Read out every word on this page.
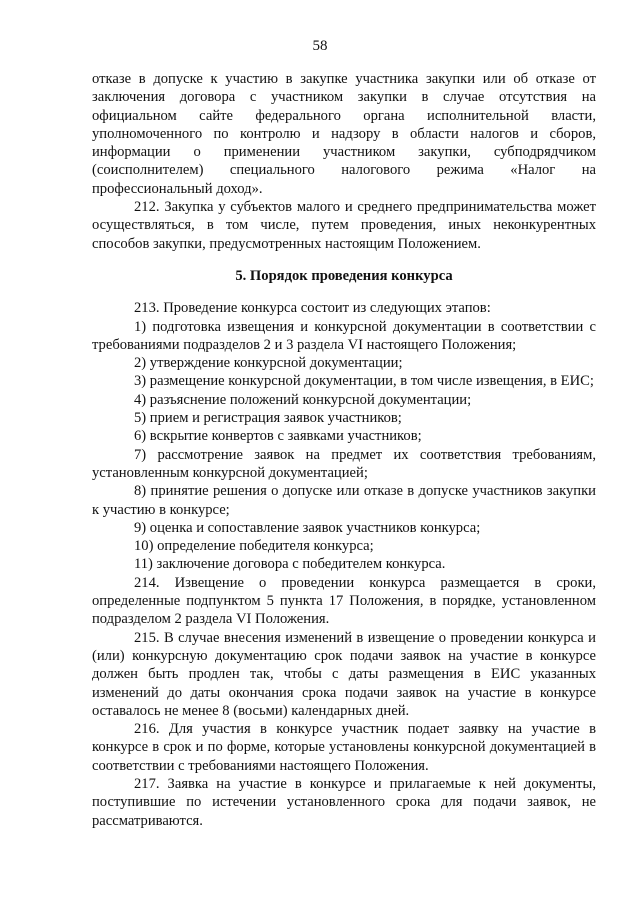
58

отказе в допуске к участию в закупке участника закупки или об отказе от заключения договора с участником закупки в случае отсутствия на официальном сайте федерального органа исполнительной власти, уполномоченного по контролю и надзору в области налогов и сборов, информации о применении участником закупки, субподрядчиком (соисполнителем) специального налогового режима «Налог на профессиональный доход».

212. Закупка у субъектов малого и среднего предпринимательства может осуществляться, в том числе, путем проведения, иных неконкурентных способов закупки, предусмотренных настоящим Положением.

5. Порядок проведения конкурса

213. Проведение конкурса состоит из следующих этапов:

1) подготовка извещения и конкурсной документации в соответствии с требованиями подразделов 2 и 3 раздела VI настоящего Положения;

2) утверждение конкурсной документации;

3) размещение конкурсной документации, в том числе извещения, в ЕИС;

4) разъяснение положений конкурсной документации;

5) прием и регистрация заявок участников;

6) вскрытие конвертов с заявками участников;

7) рассмотрение заявок на предмет их соответствия требованиям, установленным конкурсной документацией;

8) принятие решения о допуске или отказе в допуске участников закупки к участию в конкурсе;

9) оценка и сопоставление заявок участников конкурса;

10) определение победителя конкурса;

11) заключение договора с победителем конкурса.

214. Извещение о проведении конкурса размещается в сроки, определенные подпунктом 5 пункта 17 Положения, в порядке, установленном подразделом 2 раздела VI Положения.

215. В случае внесения изменений в извещение о проведении конкурса и (или) конкурсную документацию срок подачи заявок на участие в конкурсе должен быть продлен так, чтобы с даты размещения в ЕИС указанных изменений до даты окончания срока подачи заявок на участие в конкурсе оставалось не менее 8 (восьми) календарных дней.

216. Для участия в конкурсе участник подает заявку на участие в конкурсе в срок и по форме, которые установлены конкурсной документацией в соответствии с требованиями настоящего Положения.

217. Заявка на участие в конкурсе и прилагаемые к ней документы, поступившие по истечении установленного срока для подачи заявок, не рассматриваются.
